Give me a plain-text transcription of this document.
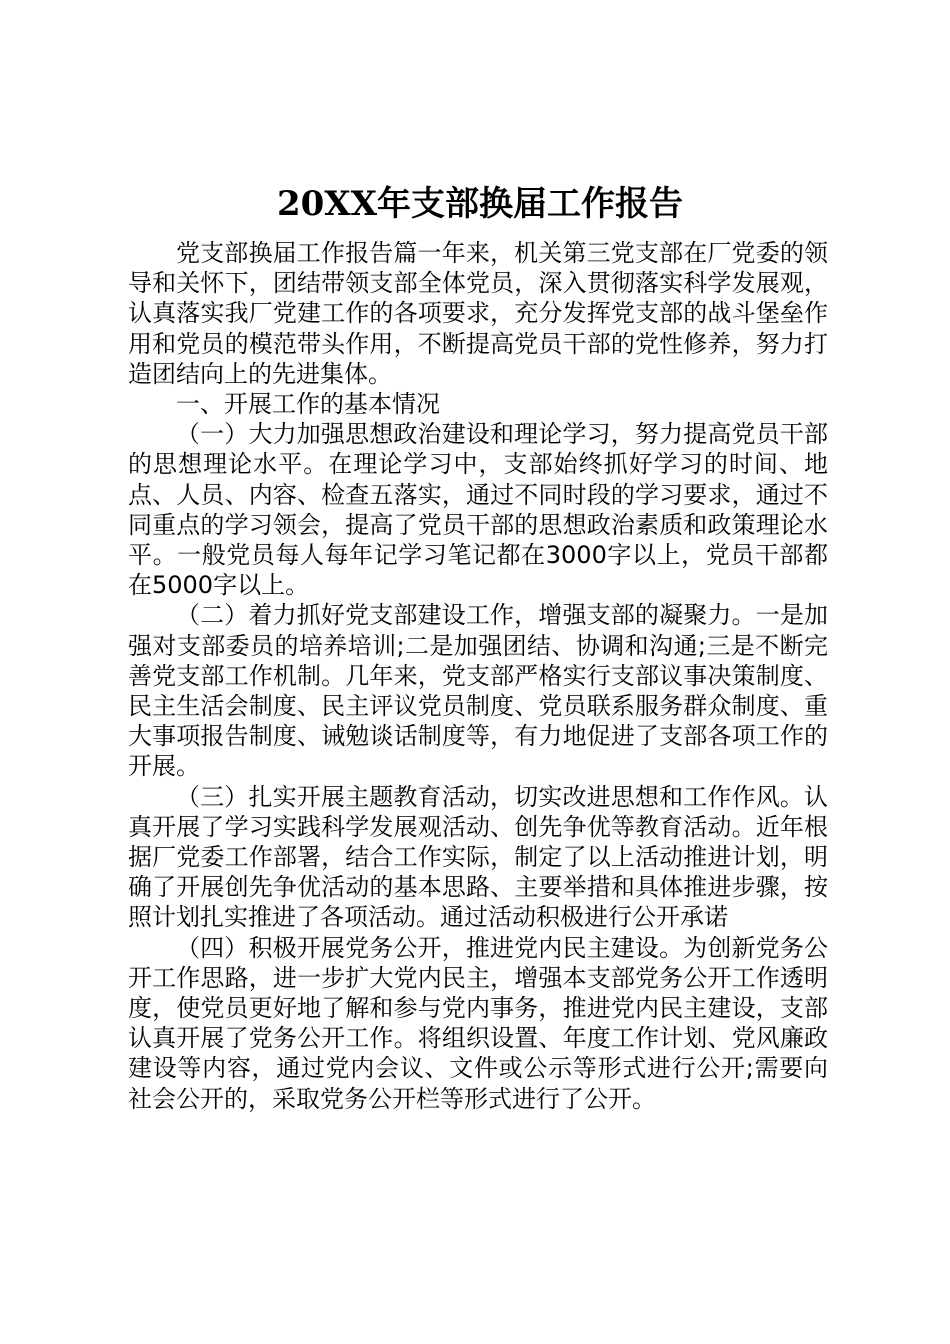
20XX年支部换届工作报告

党支部换届工作报告篇一年来，机关第三党支部在厂党委的领导和关怀下，团结带领支部全体党员，深入贯彻落实科学发展观，认真落实我厂党建工作的各项要求，充分发挥党支部的战斗堡垒作用和党员的模范带头作用，不断提高党员干部的党性修养，努力打造团结向上的先进集体。

一、开展工作的基本情况

（一）大力加强思想政治建设和理论学习，努力提高党员干部的思想理论水平。在理论学习中，支部始终抓好学习的时间、地点、人员、内容、检查五落实，通过不同时段的学习要求，通过不同重点的学习领会，提高了党员干部的思想政治素质和政策理论水平。一般党员每人每年记学习笔记都在3000字以上，党员干部都在5000字以上。

（二）着力抓好党支部建设工作，增强支部的凝聚力。一是加强对支部委员的培养培训;二是加强团结、协调和沟通;三是不断完善党支部工作机制。几年来，党支部严格实行支部议事决策制度、民主生活会制度、民主评议党员制度、党员联系服务群众制度、重大事项报告制度、诫勉谈话制度等，有力地促进了支部各项工作的开展。

（三）扎实开展主题教育活动，切实改进思想和工作作风。认真开展了学习实践科学发展观活动、创先争优等教育活动。近年根据厂党委工作部署，结合工作实际，制定了以上活动推进计划，明确了开展创先争优活动的基本思路、主要举措和具体推进步骤，按照计划扎实推进了各项活动。通过活动积极进行公开承诺

（四）积极开展党务公开，推进党内民主建设。为创新党务公开工作思路，进一步扩大党内民主，增强本支部党务公开工作透明度，使党员更好地了解和参与党内事务，推进党内民主建设，支部认真开展了党务公开工作。将组织设置、年度工作计划、党风廉政建设等内容，通过党内会议、文件或公示等形式进行公开;需要向社会公开的，采取党务公开栏等形式进行了公开。
